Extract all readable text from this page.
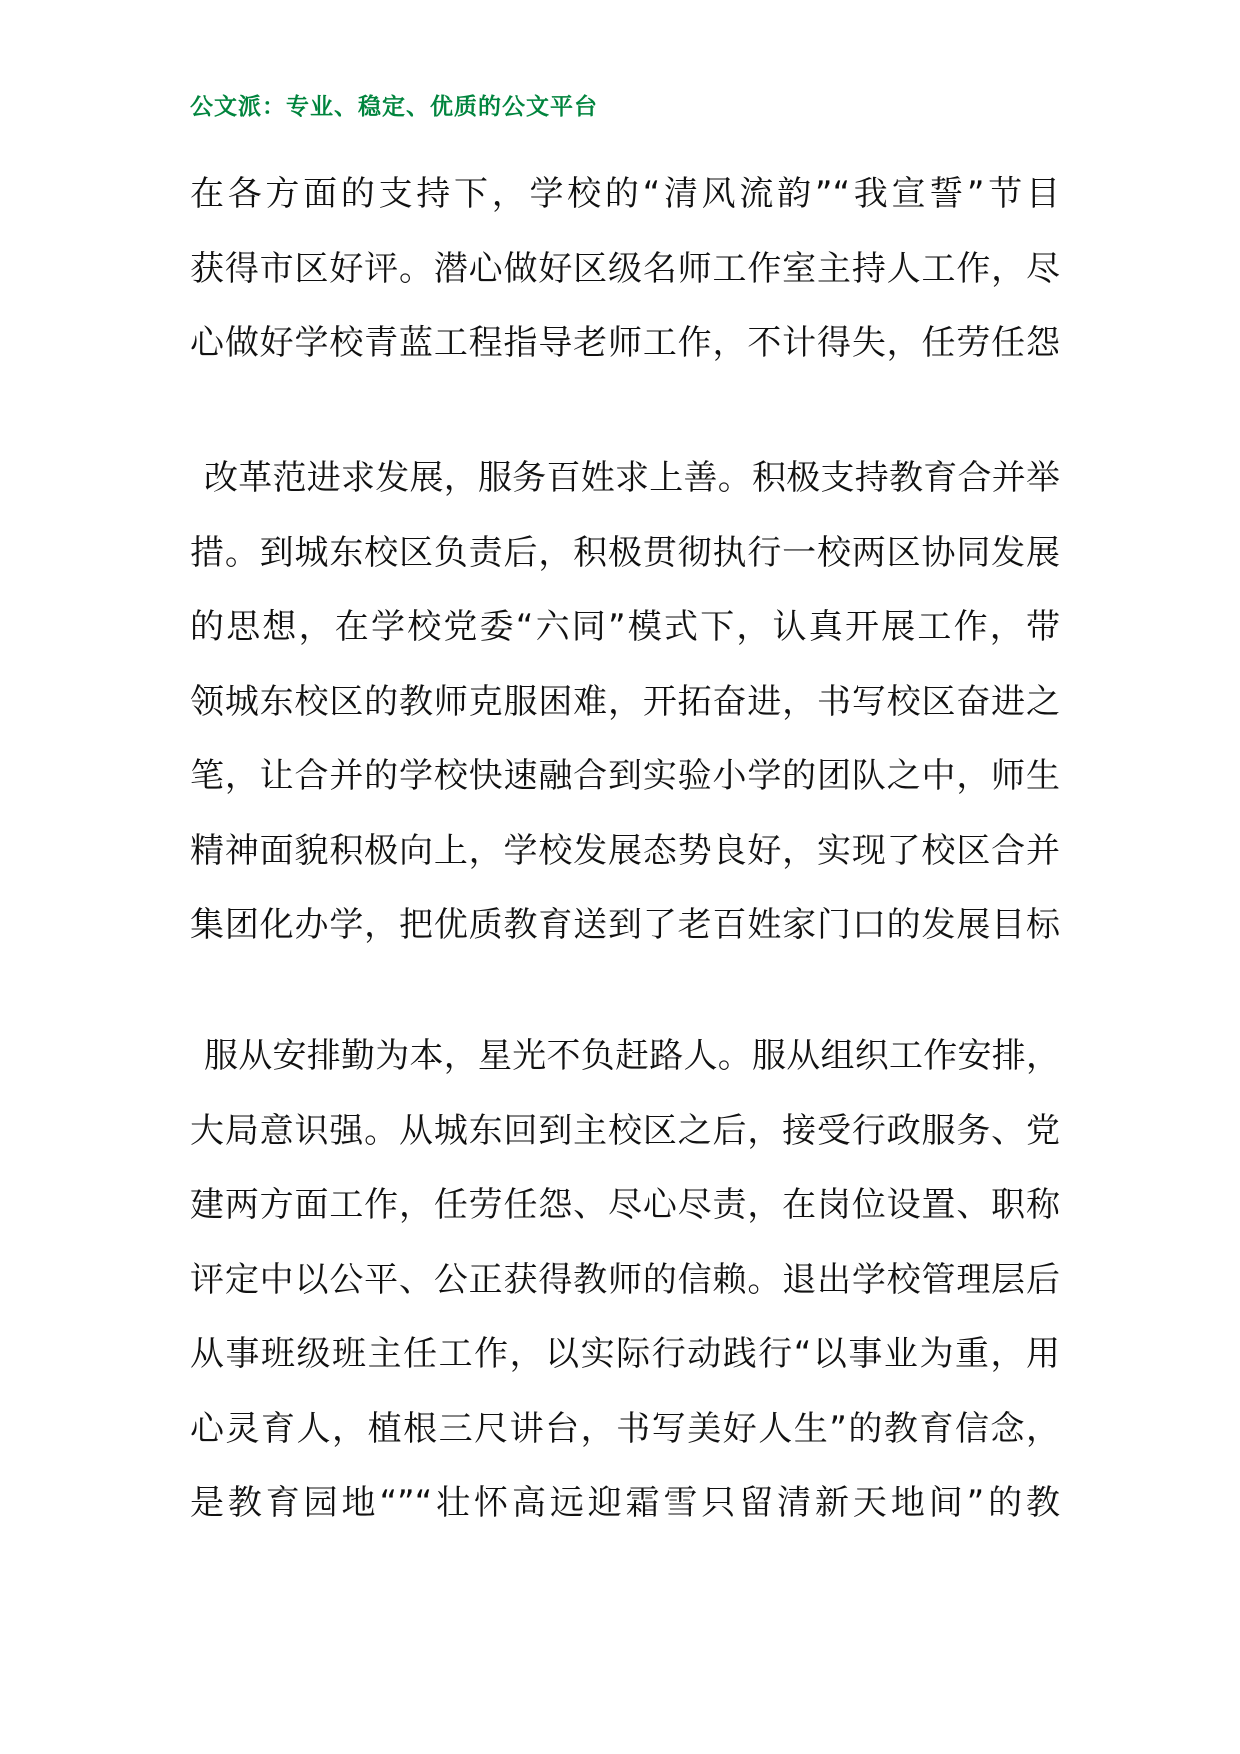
公文派：专业、稳定、优质的公文平台
在各方面的支持下，学校的“清风流韵”“我宣誓”节目
获得市区好评。潜心做好区级名师工作室主持人工作，尽
心做好学校青蓝工程指导老师工作，不计得失，任劳任怨
改革范进求发展，服务百姓求上善。积极支持教育合并举
措。到城东校区负责后，积极贯彻执行一校两区协同发展
的思想，在学校党委“六同”模式下，认真开展工作，带
领城东校区的教师克服困难，开拓奋进，书写校区奋进之
笔，让合并的学校快速融合到实验小学的团队之中，师生
精神面貌积极向上，学校发展态势良好，实现了校区合并
集团化办学，把优质教育送到了老百姓家门口的发展目标
服从安排勤为本，星光不负赶路人。服从组织工作安排，
大局意识强。从城东回到主校区之后，接受行政服务、党
建两方面工作，任劳任怨、尽心尽责，在岗位设置、职称
评定中以公平、公正获得教师的信赖。退出学校管理层后
从事班级班主任工作，以实际行动践行“以事业为重，用
心灵育人，植根三尺讲台，书写美好人生”的教育信念，
是教育园地“”“壮怀高远迎霜雪只留清新天地间”的教
